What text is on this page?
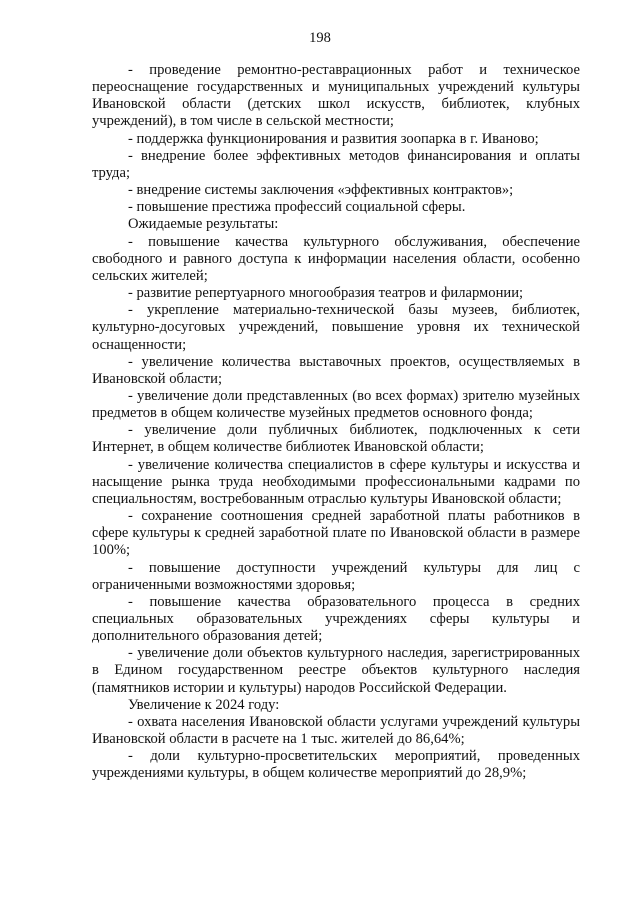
198

- проведение ремонтно-реставрационных работ и техническое переоснащение государственных и муниципальных учреждений культуры Ивановской области (детских школ искусств, библиотек, клубных учреждений), в том числе в сельской местности;

- поддержка функционирования и развития зоопарка в г. Иваново;

- внедрение более эффективных методов финансирования и оплаты труда;

- внедрение системы заключения «эффективных контрактов»;

- повышение престижа профессий социальной сферы.

Ожидаемые результаты:

- повышение качества культурного обслуживания, обеспечение свободного и равного доступа к информации населения области, особенно сельских жителей;

- развитие репертуарного многообразия театров и филармонии;

- укрепление материально-технической базы музеев, библиотек, культурно-досуговых учреждений, повышение уровня их технической оснащенности;

- увеличение количества выставочных проектов, осуществляемых в Ивановской области;

- увеличение доли представленных (во всех формах) зрителю музейных предметов в общем количестве музейных предметов основного фонда;

- увеличение доли публичных библиотек, подключенных к сети Интернет, в общем количестве библиотек Ивановской области;

- увеличение количества специалистов в сфере культуры и искусства и насыщение рынка труда необходимыми профессиональными кадрами по специальностям, востребованным отраслью культуры Ивановской области;

- сохранение соотношения средней заработной платы работников в сфере культуры к средней заработной плате по Ивановской области в размере 100%;

- повышение доступности учреждений культуры для лиц с ограниченными возможностями здоровья;

- повышение качества образовательного процесса в средних специальных образовательных учреждениях сферы культуры и дополнительного образования детей;

- увеличение доли объектов культурного наследия, зарегистрированных в Едином государственном реестре объектов культурного наследия (памятников истории и культуры) народов Российской Федерации.

Увеличение к 2024 году:

- охвата населения Ивановской области услугами учреждений культуры Ивановской области в расчете на 1 тыс. жителей до 86,64%;

- доли культурно-просветительских мероприятий, проведенных учреждениями культуры, в общем количестве мероприятий до 28,9%;
